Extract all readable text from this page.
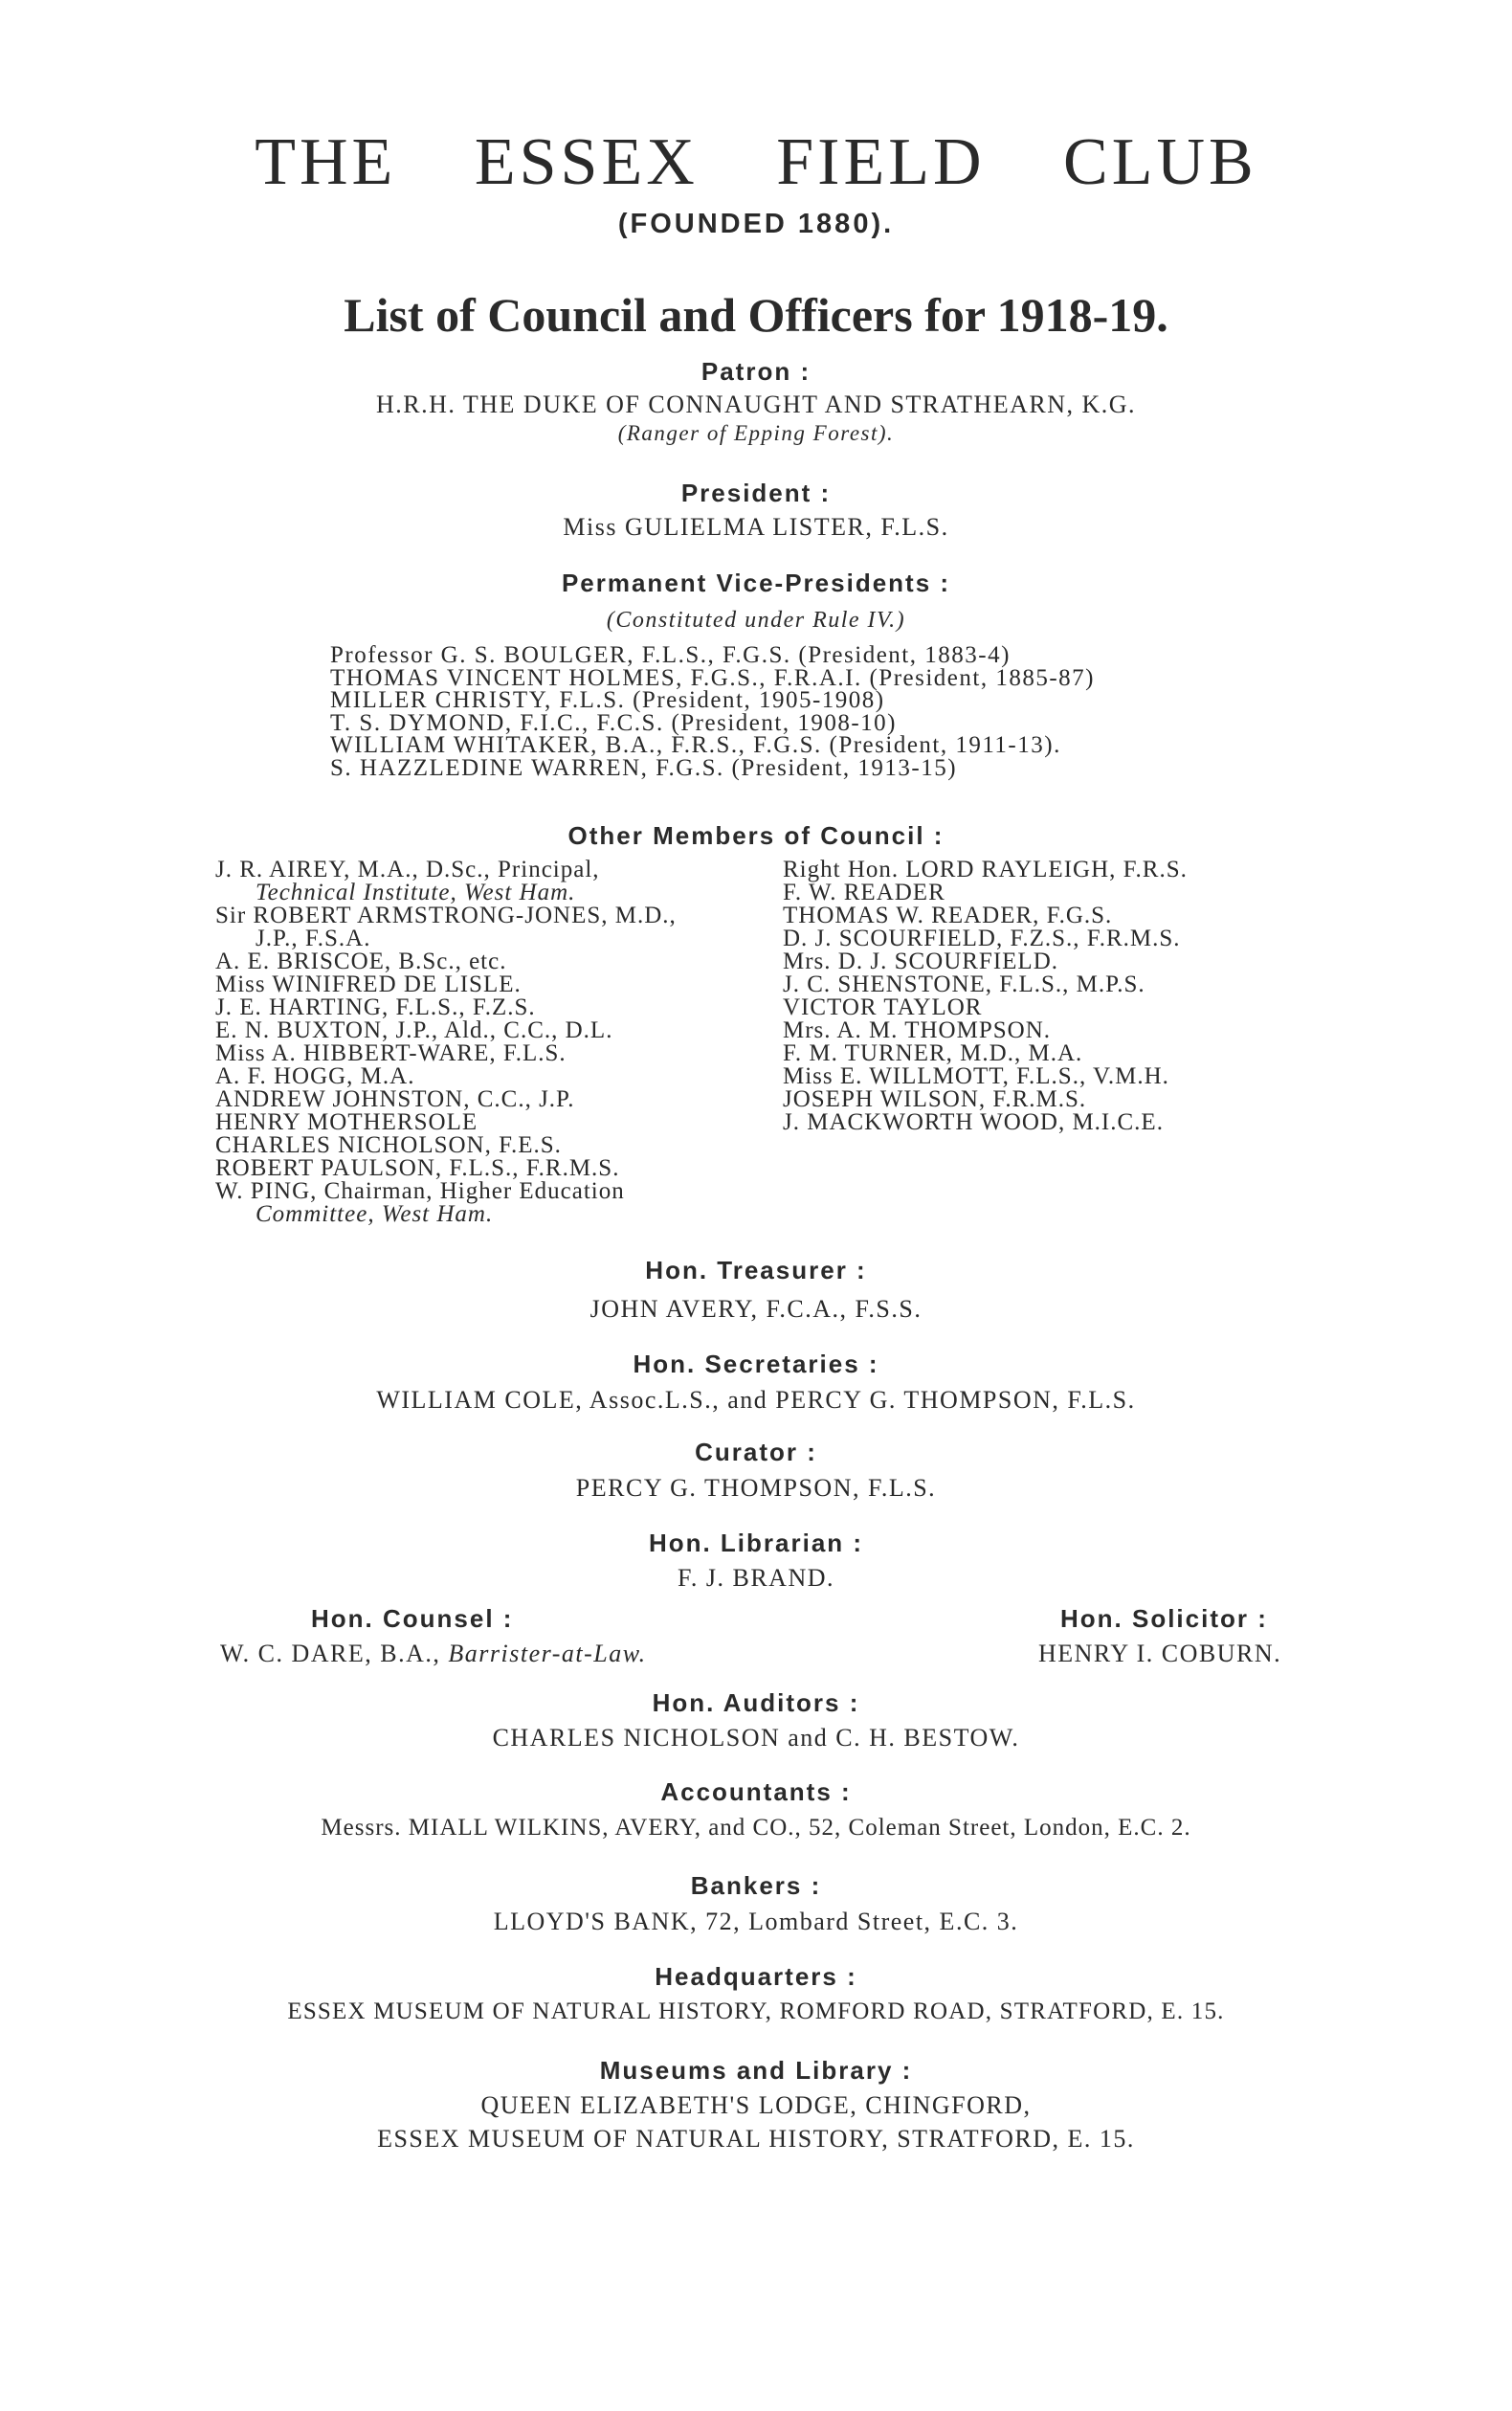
THE ESSEX FIELD CLUB
(FOUNDED 1880).
List of Council and Officers for 1918-19.
Patron :
H.R.H. THE DUKE OF CONNAUGHT AND STRATHEARN, K.G.
(Ranger of Epping Forest).
President :
Miss GULIELMA LISTER, F.L.S.
Permanent Vice-Presidents :
(Constituted under Rule IV.)
Professor G. S. BOULGER, F.L.S., F.G.S. (President, 1883-4)
THOMAS VINCENT HOLMES, F.G.S., F.R.A.I. (President, 1885-87)
MILLER CHRISTY, F.L.S. (President, 1905-1908)
T. S. DYMOND, F.I.C., F.C.S. (President, 1908-10)
WILLIAM WHITAKER, B.A., F.R.S., F.G.S. (President, 1911-13).
S. HAZZLEDINE WARREN, F.G.S. (President, 1913-15)
Other Members of Council :
J. R. AIREY, M.A., D.Sc., Principal,
Technical Institute, West Ham.
Sir ROBERT ARMSTRONG-JONES, M.D.,
J.P., F.S.A.
A. E. BRISCOE, B.Sc., etc.
Miss WINIFRED DE LISLE.
J. E. HARTING, F.L.S., F.Z.S.
E. N. BUXTON, J.P., Ald., C.C., D.L.
Miss A. HIBBERT-WARE, F.L.S.
A. F. HOGG, M.A.
ANDREW JOHNSTON, C.C., J.P.
HENRY MOTHERSOLE
CHARLES NICHOLSON, F.E.S.
ROBERT PAULSON, F.L.S., F.R.M.S.
W. PING, Chairman, Higher Education
Committee, West Ham.
Right Hon. LORD RAYLEIGH, F.R.S.
F. W. READER
THOMAS W. READER, F.G.S.
D. J. SCOURFIELD, F.Z.S., F.R.M.S.
Mrs. D. J. SCOURFIELD.
J. C. SHENSTONE, F.L.S., M.P.S.
VICTOR TAYLOR
Mrs. A. M. THOMPSON.
F. M. TURNER, M.D., M.A.
Miss E. WILLMOTT, F.L.S., V.M.H.
JOSEPH WILSON, F.R.M.S.
J. MACKWORTH WOOD, M.I.C.E.
Hon. Treasurer :
JOHN AVERY, F.C.A., F.S.S.
Hon. Secretaries :
WILLIAM COLE, Assoc.L.S., and PERCY G. THOMPSON, F.L.S.
Curator :
PERCY G. THOMPSON, F.L.S.
Hon. Librarian :
F. J. BRAND.
Hon. Counsel :
W. C. DARE, B.A., Barrister-at-Law.
Hon. Solicitor :
HENRY I. COBURN.
Hon. Auditors :
CHARLES NICHOLSON and C. H. BESTOW.
Accountants :
Messrs. MIALL WILKINS, AVERY, and CO., 52, Coleman Street, London, E.C. 2.
Bankers :
LLOYD'S BANK, 72, Lombard Street, E.C. 3.
Headquarters :
ESSEX MUSEUM OF NATURAL HISTORY, ROMFORD ROAD, STRATFORD, E. 15.
Museums and Library :
QUEEN ELIZABETH'S LODGE, CHINGFORD,
ESSEX MUSEUM OF NATURAL HISTORY, STRATFORD, E. 15.
